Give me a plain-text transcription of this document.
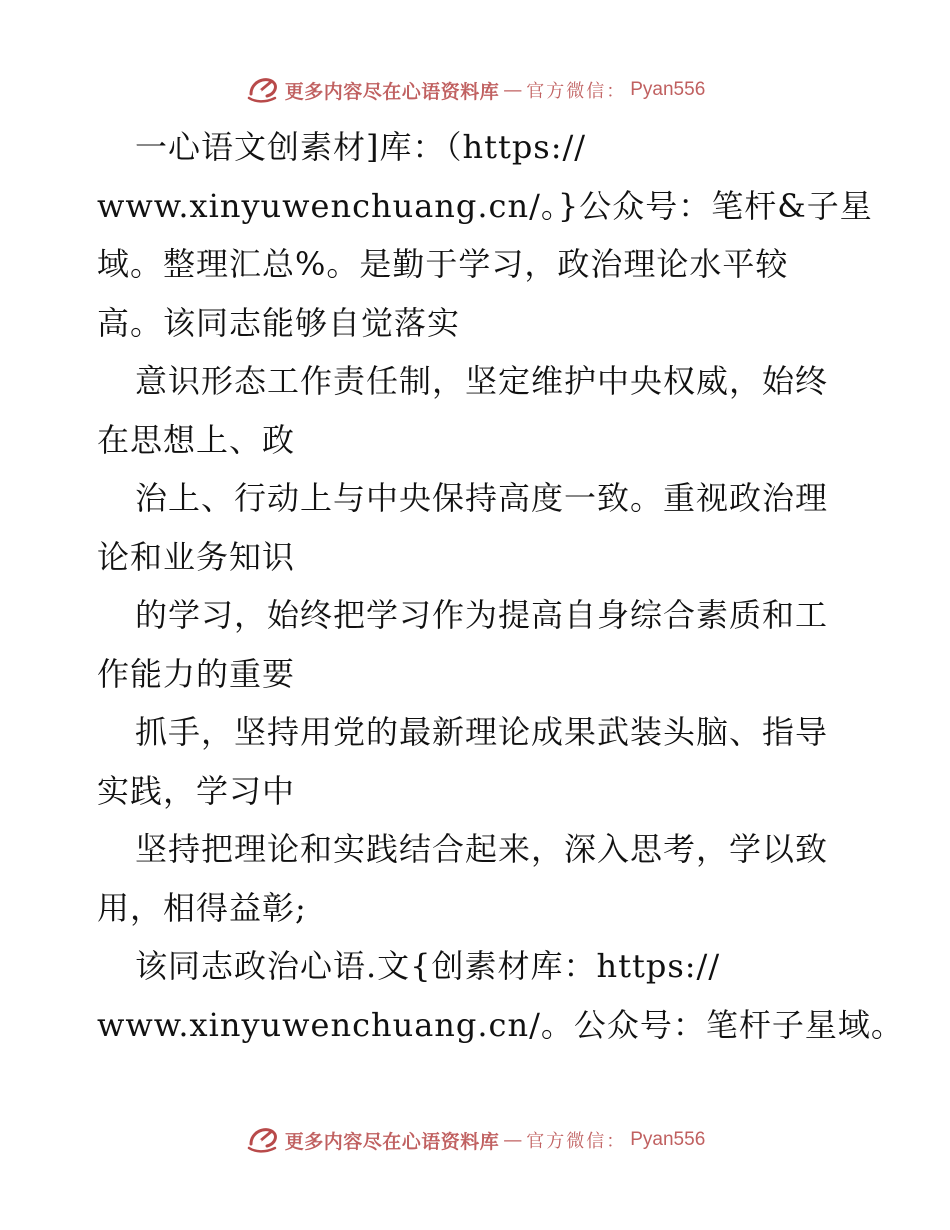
更多内容尽在心语资料库 — 官方微信： Pyan556
一心语文创素材]库：（https://
www.xinyuwenchuang.cn/。}公众号：笔杆&子星
域。整理汇总%。是勤于学习，政治理论水平较
高。该同志能够自觉落实
意识形态工作责任制，坚定维护中央权威，始终
在思想上、政
治上、行动上与中央保持高度一致。重视政治理
论和业务知识
的学习，始终把学习作为提高自身综合素质和工
作能力的重要
抓手，坚持用党的最新理论成果武装头脑、指导
实践，学习中
坚持把理论和实践结合起来，深入思考，学以致
用，相得益彰;
该同志政治心语.文{创素材库：https://
www.xinyuwenchuang.cn/。公众号：笔杆子星域。
更多内容尽在心语资料库 — 官方微信： Pyan556
